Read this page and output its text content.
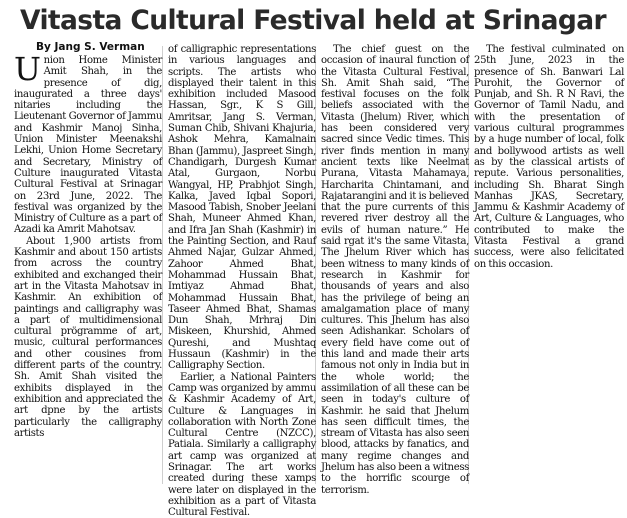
Vitasta Cultural Festival held at Srinagar
By Jang S. Verman

Union Home Minister Amit Shah, in the presence of dig, inaugurated a three days' nitaries including the Lieutenant Governor of Jammu and Kashmir Manoj Sinha, Union Minister Meenakshi Lekhi, Union Home Secretary and Secretary, Ministry of Culture inaugurated Vitasta Cultural Festival at Srinagar on 23rd June, 2022. The festival was organized by the Ministry of Culture as a part of Azadi ka Amrit Mahotsav.

About 1,900 artists from Kashmir and about 150 artists from across the country exhibited and exchanged their art in the Vitasta Mahotsav in Kashmir. An exhibition of paintings and calligraphy was a part of multidimensional cultural prögramme of art, music, cultural performances and other cousines from different parts of the country. Sh. Amit Shah visited the exhibits displayed in the exhibition and appreciated the art dpne by the artists particularly the calligraphy artists

of calligraphic representations in various languages and scripts. The artists who displayed their talent in this exhibition included Masood Hassan, Sgr., K S Gill, Amritsar, Jang S. Verman, Suman Chib, Shivani Khajuria, Ashok Mehra, Kamalnain Bhan (Jammu), Jaspreet Singh, Chandigarh, Durgesh Kumar Atal, Gurgaon, Norbu Wangyal, HP, Prabhjot Singh, Kalka, Javed Iqbal Sopori, Masood Tabish, Snober Jeelani Shah, Muneer Ahmed Khan, and Ifra Jan Shah (Kashmir) in the Painting Section, and Rauf Ahmed Najar, Gulzar Ahmed, Zahoor Ahmed Bhat, Mohammad Hussain Bhat, Imtiyaz Ahmad Bhat, Mohammad Hussain Bhat, Taseer Ahmed Bhat, Shamas Dun Shah, Mrhraj Din Miskeen, Khurshid, Ahmed Qureshi, and Mushtaq Hussaun (Kashmir) in the Calligraphy Section.

Earlier, a National Painters Camp was organized by ammu & Kashmir Academy of Art, Culture & Languages in collaboration with North Zone Cultural Centre (NZCC), Patiala. Similarly a calligraphy art camp was organized at Srinagar. The art works created during these xamps were later on displayed in the exhibition as a part of Vitasta Cultural Festival.

The chief guest on the occasion of inaural function of the Vitasta Cultural Festival, Sh. Amit Shah said, “The festival focuses on the folk beliefs associated with the Vitasta (Jhelum) River, which has been considered very sacred since Vedic times. This river finds mention in many ancient texts like Neelmat Purana, Vitasta Mahamaya, Harcharita Chintamani, and Rajatarangini and it is believed that the pure currents of this revered river destroy all the evils of human nature.” He said rgat it's the same Vitasta, The Jhelum River which has been witness to many kinds of research in Kashmir for thousands of years and also has the privilege of being an amalgamation place of many cultures. This Jhelum has also seen Adishankar. Scholars of every field have come out of this land and made their arts famous not only in India but in the whole world; the assimilation of all these can be seen in today's culture of Kashmir. he said that Jhelum has seen difficult times, the stream of Vitasta has also seen blood, attacks by fanatics, and many regime changes and Jhelum has also been a witness to the horrific scourge of terrorism.

The festival culminated on 25th June, 2023 in the presence of Sh. Banwari Lal Purohit, the Governor of Punjab, and Sh. R N Ravi, the Governor of Tamil Nadu, and with the presentation of various cultural programmes by a huge number of local, folk and bollywood artists as well as by the classical artists of repute. Various personalities, including Sh. Bharat Singh Manhas JKAS, Secretary, Jammu & Kashmir Academy of Art, Culture & Languages, who contributed to make the Vitasta Festival a grand success, were also felicitated on this occasion.
